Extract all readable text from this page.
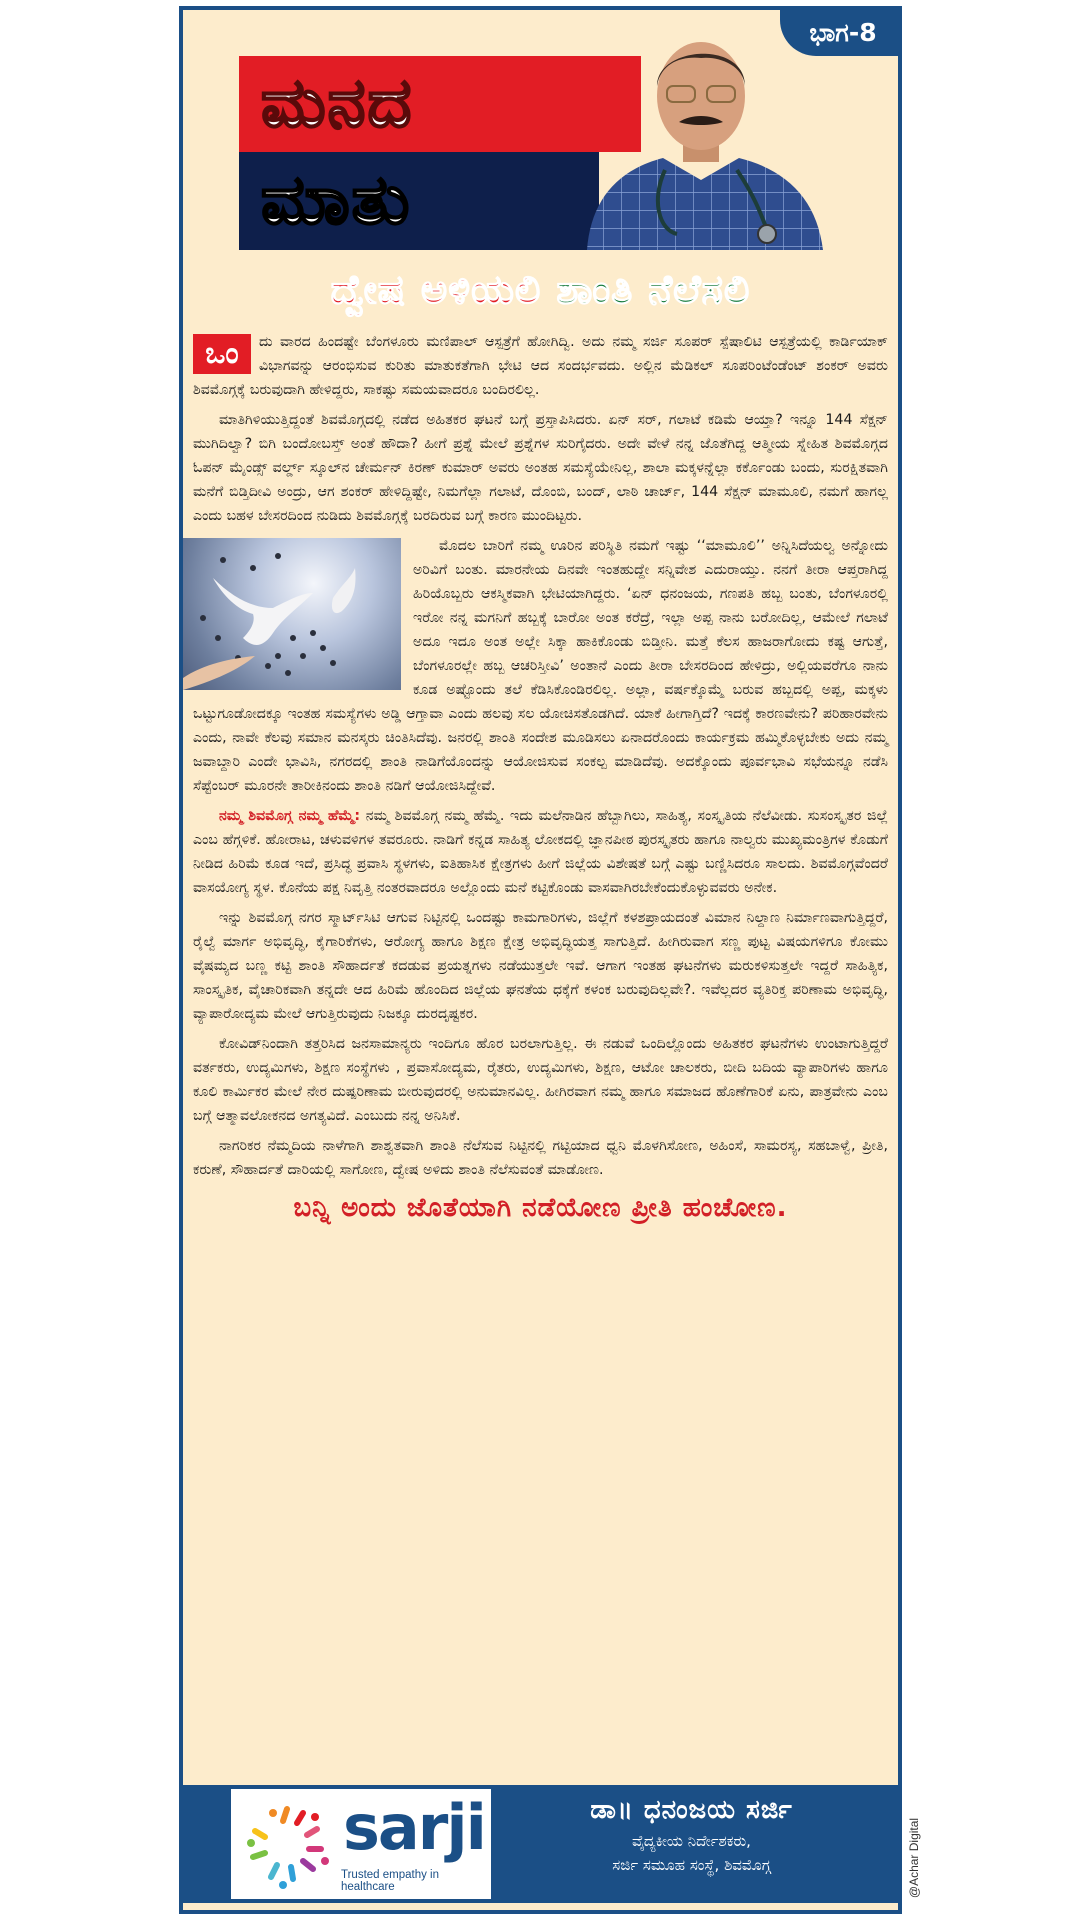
ಭಾಗ-8
ಮನದ
ಮಾತು
ದ್ವೇಷ ಅಳಿಯಲಿ ಶಾಂತಿ ನೆಲೆಸಲಿ

ಒಂ	ದು ವಾರದ ಹಿಂದಷ್ಟೇ ಬೆಂಗಳೂರು ಮಣಿಪಾಲ್ ಆಸ್ಪತ್ರೆಗೆ ಹೋಗಿದ್ವಿ. ಅದು ನಮ್ಮ ಸರ್ಜಿ ಸೂಪರ್ ಸ್ಪೆಷಾಲಿಟಿ ಆಸ್ಪತ್ರೆಯಲ್ಲಿ ಕಾರ್ಡಿಯಾಕ್ ವಿಭಾಗವನ್ನು ಆರಂಭಿಸುವ ಕುರಿತು ಮಾತುಕತೆಗಾಗಿ ಭೇಟಿ ಆದ ಸಂದರ್ಭವದು. ಅಲ್ಲಿನ ಮೆಡಿಕಲ್ ಸೂಪರಿಂಟೆಂಡೆಂಟ್ ಶಂಕರ್ ಅವರು ಶಿವಮೊಗ್ಗಕ್ಕೆ ಬರುವುದಾಗಿ ಹೇಳಿದ್ದರು, ಸಾಕಷ್ಟು ಸಮಯವಾದರೂ ಬಂದಿರಲಿಲ್ಲ.

ಮಾತಿಗಿಳಿಯುತ್ತಿದ್ದಂತೆ ಶಿವಮೊಗ್ಗದಲ್ಲಿ ನಡೆದ ಅಹಿತಕರ ಘಟನೆ ಬಗ್ಗೆ ಪ್ರಸ್ತಾಪಿಸಿದರು. ಏನ್ ಸರ್, ಗಲಾಟೆ ಕಡಿಮೆ ಆಯ್ತಾ? ಇನ್ನೂ 144 ಸೆಕ್ಷನ್ ಮುಗಿದಿಲ್ವಾ? ಬಿಗಿ ಬಂದೋಬಸ್ತ್ ಅಂತೆ ಹೌದಾ? ಹೀಗೆ ಪ್ರಶ್ನೆ ಮೇಲೆ ಪ್ರಶ್ನೆಗಳ ಸುರಿಗೈದರು. ಅದೇ ವೇಳೆ ನನ್ನ ಜೊತೆಗಿದ್ದ ಆತ್ಮೀಯ ಸ್ನೇಹಿತ ಶಿವಮೊಗ್ಗದ ಓಪನ್ ಮೈಂಡ್ಸ್ ವರ್ಲ್ಡ್ ಸ್ಕೂಲ್‌ನ ಚೇರ್ಮನ್ ಕಿರಣ್ ಕುಮಾರ್ ಅವರು ಅಂತಹ ಸಮಸ್ಯೆಯೇನಿಲ್ಲ, ಶಾಲಾ ಮಕ್ಕಳನ್ನೆಲ್ಲಾ ಕರ್ಕೊಂಡು ಬಂದು, ಸುರಕ್ಷಿತವಾಗಿ ಮನೆಗೆ ಬಿಡ್ತಿದೀವಿ ಅಂದ್ರು, ಆಗ ಶಂಕರ್ ಹೇಳಿದ್ದಿಷ್ಟೇ, ನಿಮಗೆಲ್ಲಾ ಗಲಾಟೆ, ದೊಂಬಿ, ಬಂದ್, ಲಾಠಿ ಚಾರ್ಜ್, 144 ಸೆಕ್ಷನ್ ಮಾಮೂಲಿ, ನಮಗೆ ಹಾಗಲ್ಲ ಎಂದು ಬಹಳ ಬೇಸರದಿಂದ ನುಡಿದು ಶಿವಮೊಗ್ಗಕ್ಕೆ ಬರದಿರುವ ಬಗ್ಗೆ ಕಾರಣ ಮುಂದಿಟ್ಟರು.

ಮೊದಲ ಬಾರಿಗೆ ನಮ್ಮ ಊರಿನ ಪರಿಸ್ಥಿತಿ ನಮಗೆ ಇಷ್ಟು ‘‘ಮಾಮೂಲಿ’’ ಅನ್ನಿಸಿದೆಯಲ್ವ ಅನ್ನೋದು ಅರಿವಿಗೆ ಬಂತು. ಮಾರನೇಯ ದಿನವೇ ಇಂತಹುದ್ದೇ ಸನ್ನಿವೇಶ ಎದುರಾಯ್ತು. ನನಗೆ ತೀರಾ ಆಪ್ತರಾಗಿದ್ದ ಹಿರಿಯೊಬ್ಬರು ಆಕಸ್ಮಿಕವಾಗಿ ಭೇಟಿಯಾಗಿದ್ದರು. ‘ಏನ್ ಧನಂಜಯ, ಗಣಪತಿ ಹಬ್ಬ ಬಂತು, ಬೆಂಗಳೂರಲ್ಲಿ ಇರೋ ನನ್ನ ಮಗನಿಗೆ ಹಬ್ಬಕ್ಕೆ ಬಾರೋ ಅಂತ ಕರೆದ್ರೆ, ಇಲ್ಲಾ ಅಪ್ಪ ನಾನು ಬರೋದಿಲ್ಲ, ಆಮೇಲೆ ಗಲಾಟೆ ಅದೂ ಇದೂ ಅಂತ ಅಲ್ಲೇ ಸಿಕ್ಕಾ ಹಾಕಿಕೊಂಡು ಬಿಡ್ತೀನಿ. ಮತ್ತೆ ಕೆಲಸ ಹಾಜರಾಗೋದು ಕಷ್ಟ ಆಗುತ್ತೆ, ಬೆಂಗಳೂರಲ್ಲೇ ಹಬ್ಬ ಆಚರಿಸ್ತೀವಿ’ ಅಂತಾನೆ ಎಂದು ತೀರಾ ಬೇಸರದಿಂದ ಹೇಳಿದ್ರು, ಅಲ್ಲಿಯವರೆಗೂ ನಾನು ಕೂಡ ಅಷ್ಟೊಂದು ತಲೆ ಕೆಡಿಸಿಕೊಂಡಿರಲಿಲ್ಲ. ಅಲ್ಲಾ, ವರ್ಷಕ್ಕೊಮ್ಮೆ ಬರುವ ಹಬ್ಬದಲ್ಲಿ ಅಪ್ಪ, ಮಕ್ಕಳು ಒಟ್ಟುಗೂಡೋದಕ್ಕೂ ಇಂತಹ ಸಮಸ್ಯೆಗಳು ಅಡ್ಡಿ ಆಗ್ತಾವಾ ಎಂದು ಹಲವು ಸಲ ಯೋಚಿಸತೊಡಗಿದೆ. ಯಾಕೆ ಹೀಗಾಗ್ತಿದೆ? ಇದಕ್ಕೆ ಕಾರಣವೇನು? ಪರಿಹಾರವೇನು ಎಂದು, ನಾವೇ ಕೆಲವು ಸಮಾನ ಮನಸ್ಕರು ಚಿಂತಿಸಿದೆವು. ಜನರಲ್ಲಿ ಶಾಂತಿ ಸಂದೇಶ ಮೂಡಿಸಲು ಏನಾದರೊಂದು ಕಾರ್ಯಕ್ರಮ ಹಮ್ಮಿಕೊಳ್ಳಬೇಕು ಅದು ನಮ್ಮ ಜವಾಬ್ದಾರಿ ಎಂದೇ ಭಾವಿಸಿ, ನಗರದಲ್ಲಿ ಶಾಂತಿ ನಾಡಿಗೆಯೊಂದನ್ನು ಆಯೋಜಿಸುವ ಸಂಕಲ್ಪ ಮಾಡಿದೆವು. ಅದಕ್ಕೊಂದು ಪೂರ್ವಭಾವಿ ಸಭೆಯನ್ನೂ ನಡೆಸಿ ಸೆಪ್ಟೆಂಬರ್ ಮೂರನೇ ತಾರೀಕಿನಂದು ಶಾಂತಿ ನಡಿಗೆ ಆಯೋಜಿಸಿದ್ದೇವೆ.

ನಮ್ಮ ಶಿವಮೊಗ್ಗ ನಮ್ಮ ಹೆಮ್ಮೆ: ನಮ್ಮ ಶಿವಮೊಗ್ಗ ನಮ್ಮ ಹೆಮ್ಮೆ. ಇದು ಮಲೆನಾಡಿನ ಹೆಬ್ಬಾಗಿಲು, ಸಾಹಿತ್ಯ, ಸಂಸ್ಕೃತಿಯ ನೆಲೆವೀಡು. ಸುಸಂಸ್ಕೃತರ ಜಿಲ್ಲೆ ಎಂಬ ಹೆಗ್ಗಳಿಕೆ. ಹೋರಾಟ, ಚಳುವಳಿಗಳ ತವರೂರು. ನಾಡಿಗೆ ಕನ್ನಡ ಸಾಹಿತ್ಯ ಲೋಕದಲ್ಲಿ ಜ್ಞಾನಪೀಠ ಪುರಸ್ಕೃತರು ಹಾಗೂ ನಾಲ್ವರು ಮುಖ್ಯಮಂತ್ರಿಗಳ ಕೊಡುಗೆ ನೀಡಿದ ಹಿರಿಮೆ ಕೂಡ ಇದೆ, ಪ್ರಸಿದ್ಧ ಪ್ರವಾಸಿ ಸ್ಥಳಗಳು, ಐತಿಹಾಸಿಕ ಕ್ಷೇತ್ರಗಳು ಹೀಗೆ ಜಿಲ್ಲೆಯ ವಿಶೇಷತೆ ಬಗ್ಗೆ ಎಷ್ಟು ಬಣ್ಣಿಸಿದರೂ ಸಾಲದು. ಶಿವಮೊಗ್ಗವೆಂದರೆ ವಾಸಯೋಗ್ಯ ಸ್ಥಳ. ಕೊನೆಯ ಪಕ್ಷ ನಿವೃತ್ತಿ ನಂತರವಾದರೂ ಅಲ್ಲೊಂದು ಮನೆ ಕಟ್ಟಿಕೊಂಡು ವಾಸವಾಗಿರಬೇಕೆಂದುಕೊಳ್ಳುವವರು ಅನೇಕ.

ಇನ್ನು ಶಿವಮೊಗ್ಗ ನಗರ ಸ್ಮಾರ್ಟ್‌ಸಿಟಿ ಆಗುವ ನಿಟ್ಟಿನಲ್ಲಿ ಒಂದಷ್ಟು ಕಾಮಗಾರಿಗಳು, ಜಿಲ್ಲೆಗೆ ಕಳಶಪ್ರಾಯದಂತೆ ವಿಮಾನ ನಿಲ್ದಾಣ ನಿರ್ಮಾಣವಾಗುತ್ತಿದ್ದರೆ, ರೈಲ್ವೆ ಮಾರ್ಗ ಅಭಿವೃದ್ಧಿ, ಕೈಗಾರಿಕೆಗಳು, ಆರೋಗ್ಯ ಹಾಗೂ ಶಿಕ್ಷಣ ಕ್ಷೇತ್ರ ಅಭಿವೃದ್ಧಿಯತ್ತ ಸಾಗುತ್ತಿದೆ. ಹೀಗಿರುವಾಗ ಸಣ್ಣ ಪುಟ್ಟ ವಿಷಯಗಳಿಗೂ ಕೋಮು ವೈಷಮ್ಯದ ಬಣ್ಣ ಕಟ್ಟಿ ಶಾಂತಿ ಸೌಹಾರ್ದತೆ ಕದಡುವ ಪ್ರಯತ್ನಗಳು ನಡೆಯುತ್ತಲೇ ಇವೆ. ಆಗಾಗ ಇಂತಹ ಘಟನೆಗಳು ಮರುಕಳಿಸುತ್ತಲೇ ಇದ್ದರೆ ಸಾಹಿತ್ಯಿಕ, ಸಾಂಸ್ಕೃತಿಕ, ವೈಚಾರಿಕವಾಗಿ ತನ್ನದೇ ಆದ ಹಿರಿಮೆ ಹೊಂದಿದ ಜಿಲ್ಲೆಯ ಘನತೆಯ ಧಕ್ಕೆಗೆ ಕಳಂಕ ಬರುವುದಿಲ್ಲವೇ?. ಇವೆಲ್ಲದರ ವ್ಯತಿರಿಕ್ತ ಪರಿಣಾಮ ಅಭಿವೃದ್ಧಿ, ವ್ಯಾಪಾರೋದ್ಯಮ ಮೇಲೆ ಆಗುತ್ತಿರುವುದು ನಿಜಕ್ಕೂ ದುರದೃಷ್ಟಕರ.

ಕೋವಿಡ್‌ನಿಂದಾಗಿ ತತ್ತರಿಸಿದ ಜನಸಾಮಾನ್ಯರು ಇಂದಿಗೂ ಹೊರ ಬರಲಾಗುತ್ತಿಲ್ಲ. ಈ ನಡುವೆ ಒಂದಿಲ್ಲೊಂದು ಅಹಿತಕರ ಘಟನೆಗಳು ಉಂಟಾಗುತ್ತಿದ್ದರೆ ವರ್ತಕರು, ಉದ್ಯಮಿಗಳು, ಶಿಕ್ಷಣ ಸಂಸ್ಥೆಗಳು , ಪ್ರವಾಸೋದ್ಯಮ, ರೈತರು, ಉದ್ಯಮಿಗಳು, ಶಿಕ್ಷಣ, ಆಟೋ ಚಾಲಕರು, ಬೀದಿ ಬದಿಯ ವ್ಯಾಪಾರಿಗಳು ಹಾಗೂ ಕೂಲಿ ಕಾರ್ಮಿಕರ ಮೇಲೆ ನೇರ ದುಷ್ಪರಿಣಾಮ ಬೀರುವುದರಲ್ಲಿ ಅನುಮಾನವಿಲ್ಲ. ಹೀಗಿರವಾಗ ನಮ್ಮ ಹಾಗೂ ಸಮಾಜದ ಹೊಣೆಗಾರಿಕೆ ಏನು, ಪಾತ್ರವೇನು ಎಂಬ ಬಗ್ಗೆ ಆತ್ಮಾವಲೋಕನದ ಅಗತ್ಯವಿದೆ. ಎಂಬುದು ನನ್ನ ಅನಿಸಿಕೆ.

ನಾಗರಿಕರ ನೆಮ್ಮದಿಯ ನಾಳೆಗಾಗಿ ಶಾಶ್ವತವಾಗಿ ಶಾಂತಿ ನೆಲೆಸುವ ನಿಟ್ಟಿನಲ್ಲಿ ಗಟ್ಟಿಯಾದ ಧ್ವನಿ ಮೊಳಗಿಸೋಣ, ಅಹಿಂಸೆ, ಸಾಮರಸ್ಯ, ಸಹಬಾಳ್ವೆ, ಪ್ರೀತಿ, ಕರುಣೆ, ಸೌಹಾರ್ದತೆ ದಾರಿಯಲ್ಲಿ ಸಾಗೋಣ, ದ್ವೇಷ ಅಳಿದು ಶಾಂತಿ ನೆಲೆಸುವಂತೆ ಮಾಡೋಣ.

ಬನ್ನಿ ಅಂದು ಜೊತೆಯಾಗಿ ನಡೆಯೋಣ ಪ್ರೀತಿ ಹಂಚೋಣ.
sarji
Trusted empathy in healthcare
ಡಾ॥ ಧನಂಜಯ ಸರ್ಜಿ
ವೈದ್ಯಕೀಯ ನಿರ್ದೇಶಕರು,
ಸರ್ಜಿ ಸಮೂಹ ಸಂಸ್ಥೆ, ಶಿವಮೊಗ್ಗ	@Achar Digital
